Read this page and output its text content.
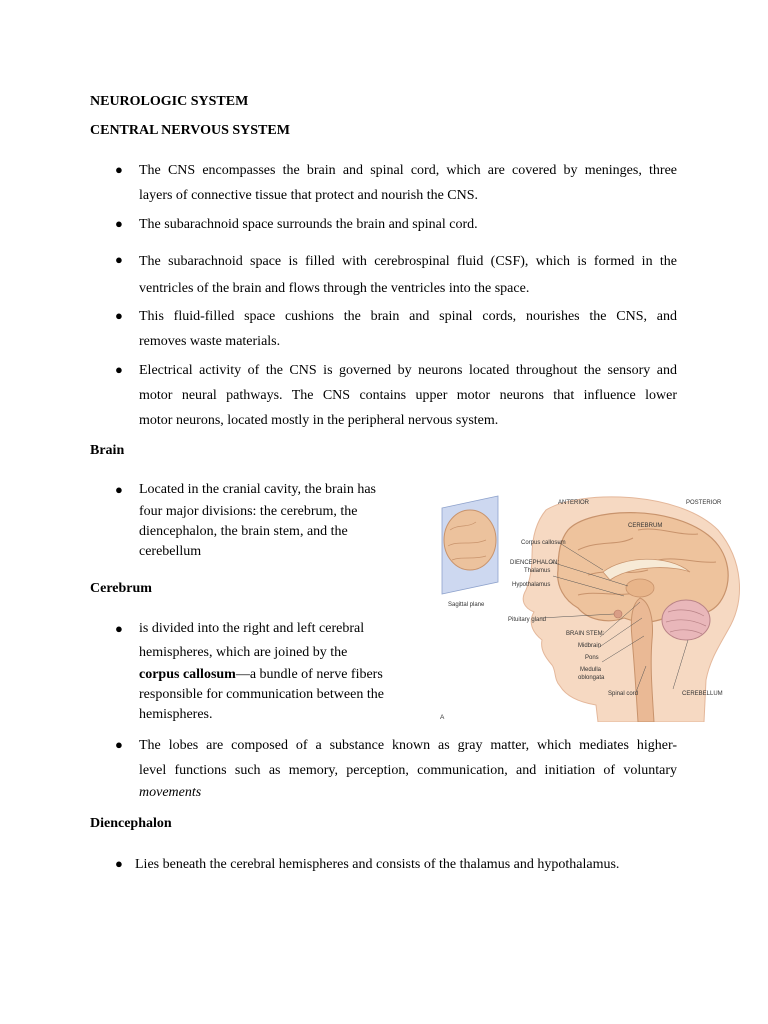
NEUROLOGIC SYSTEM
CENTRAL NERVOUS SYSTEM
● The CNS encompasses the brain and spinal cord, which are covered by meninges, three
layers of connective tissue that protect and nourish the CNS.

● The subarachnoid space surrounds the brain and spinal cord.

● The subarachnoid space is filled with cerebrospinal fluid (CSF), which is formed in the
ventricles of the brain and flows through the ventricles into the space.

● This fluid-filled space cushions the brain and spinal cords, nourishes the CNS, and
removes waste materials.

● Electrical activity of the CNS is governed by neurons located throughout the sensory and
motor neural pathways. The CNS contains upper motor neurons that influence lower
motor neurons, located mostly in the peripheral nervous system.

Brain
● Located in the cranial cavity, the brain has
four major divisions: the cerebrum, the
diencephalon, the brain stem, and the
cerebellum

Cerebrum
● is divided into the right and left cerebral
hemispheres, which are joined by the
corpus callosum—a bundle of nerve fibers
responsible for communication between the
hemispheres.

ANTERIOR	POSTERIOR
CEREBRUM
Corpus callosum
DIENCEPHALON:
Thalamus
Hypothalamus
Sagittal plane
Pituitary gland
BRAIN STEM:
Midbrain
Pons
Medulla
oblongata
Spinal cord	CEREBELLUM
A
● The lobes are composed of a substance known as gray matter, which mediates higher-
level functions such as memory, perception, communication, and initiation of voluntary
movements

Diencephalon
● Lies beneath the cerebral hemispheres and consists of the thalamus and hypothalamus.
